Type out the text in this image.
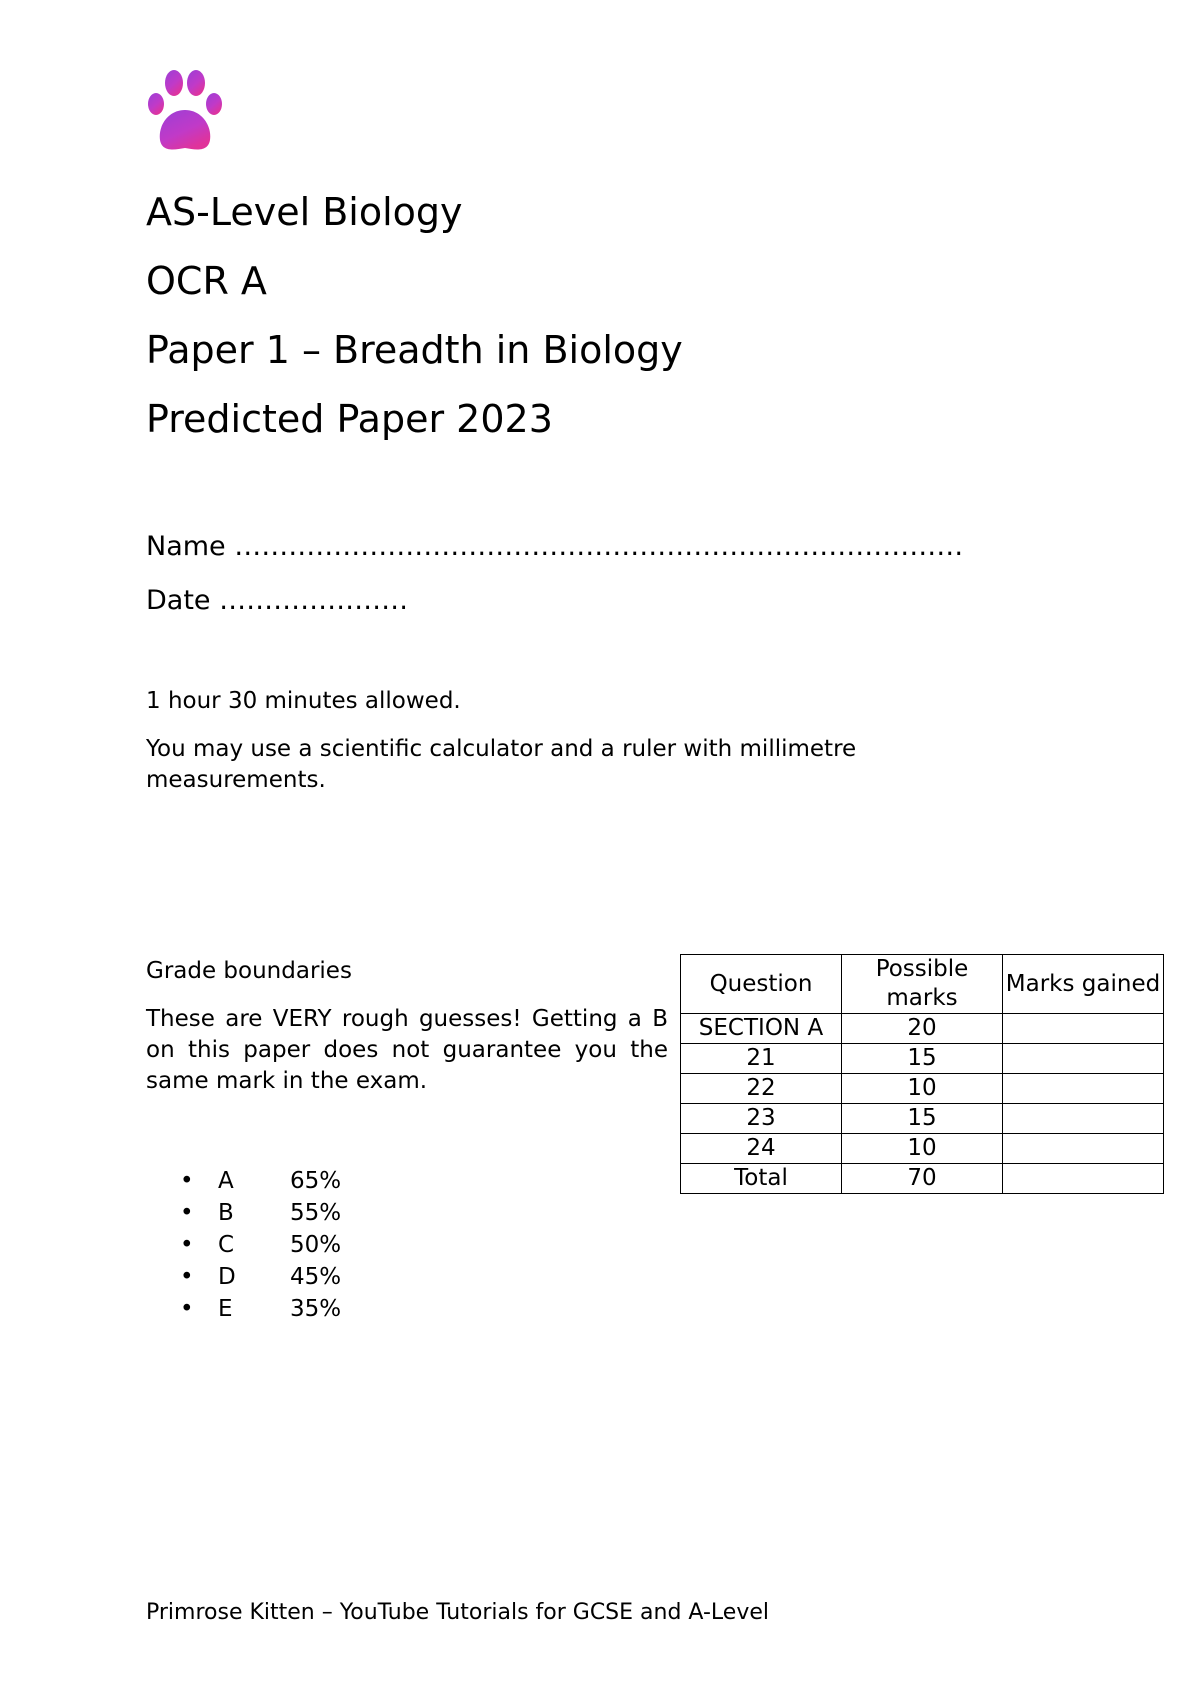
AS-Level Biology

OCR A

Paper 1 – Breadth in Biology

Predicted Paper 2023

Name ………………………………………………………………………
Date …………………

1 hour 30 minutes allowed.

You may use a scientific calculator and a ruler with millimetre measurements.

Grade boundaries

These are VERY rough guesses! Getting a B on this paper does not guarantee you the same mark in the exam.

• A 65%
• B 55%
• C 50%
• D 45%
• E 35%
Question	Possible marks	Marks gained
SECTION A	20	
21	15	
22	10	
23	15	
24	10	
Total	70	
Primrose Kitten – YouTube Tutorials for GCSE and A-Level
